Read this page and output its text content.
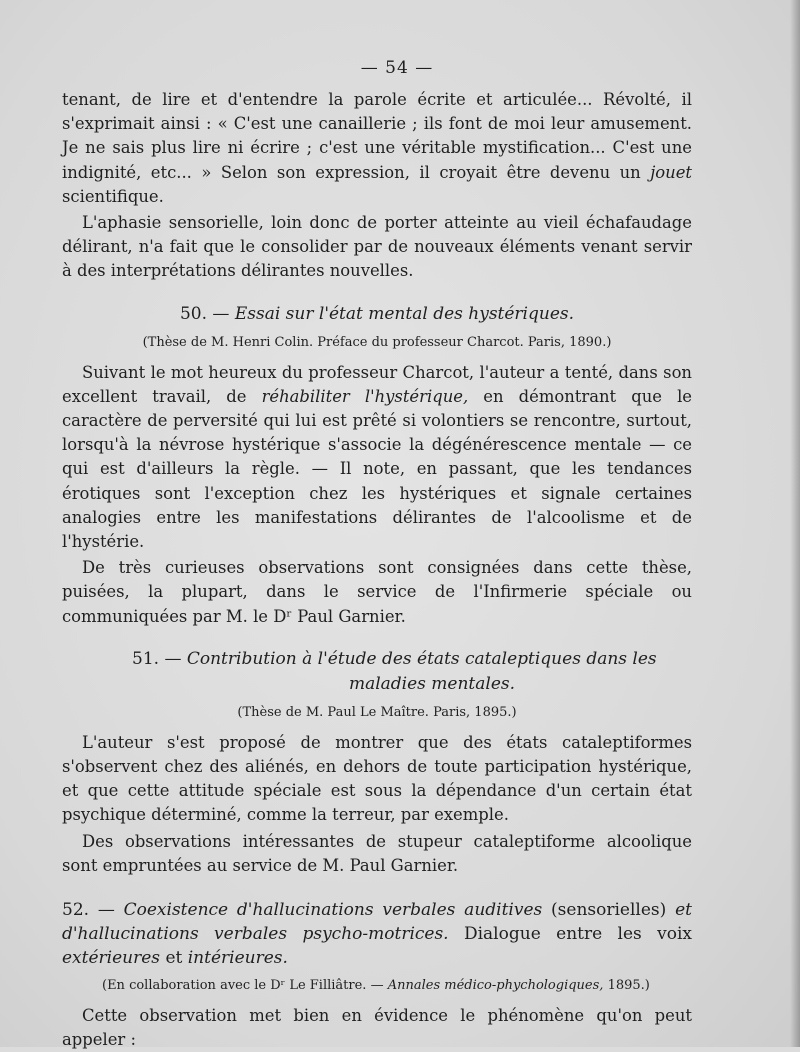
— 54 —

tenant, de lire et d'entendre la parole écrite et articulée... Révolté, il s'exprimait ainsi : « C'est une canaillerie ; ils font de moi leur amusement. Je ne sais plus lire ni écrire ; c'est une véritable mystification... C'est une indignité, etc... » Selon son expression, il croyait être devenu un jouet scientifique.

L'aphasie sensorielle, loin donc de porter atteinte au vieil échafaudage délirant, n'a fait que le consolider par de nouveaux éléments venant servir à des interprétations délirantes nouvelles.

50. — Essai sur l'état mental des hystériques.
(Thèse de M. Henri Colin. Préface du professeur Charcot. Paris, 1890.)

Suivant le mot heureux du professeur Charcot, l'auteur a tenté, dans son excellent travail, de réhabiliter l'hystérique, en démontrant que le caractère de perversité qui lui est prêté si volontiers se rencontre, surtout, lorsqu'à la névrose hystérique s'associe la dégénérescence mentale — ce qui est d'ailleurs la règle. — Il note, en passant, que les tendances érotiques sont l'exception chez les hystériques et signale certaines analogies entre les manifestations délirantes de l'alcoolisme et de l'hystérie.

De très curieuses observations sont consignées dans cette thèse, puisées, la plupart, dans le service de l'Infirmerie spéciale ou communiquées par M. le Dʳ Paul Garnier.

51. — Contribution à l'étude des états cataleptiques dans les
maladies mentales.
(Thèse de M. Paul Le Maître. Paris, 1895.)

L'auteur s'est proposé de montrer que des états cataleptiformes s'observent chez des aliénés, en dehors de toute participation hystérique, et que cette attitude spéciale est sous la dépendance d'un certain état psychique déterminé, comme la terreur, par exemple.

Des observations intéressantes de stupeur cataleptiforme alcoolique sont empruntées au service de M. Paul Garnier.

52. — Coexistence d'hallucinations verbales auditives (sensorielles) et d'hallucinations verbales psycho-motrices. Dialogue entre les voix extérieures et intérieures.
(En collaboration avec le Dʳ Le Filliâtre. — Annales médico-phychologiques, 1895.)

Cette observation met bien en évidence le phénomène qu'on peut appeler :
